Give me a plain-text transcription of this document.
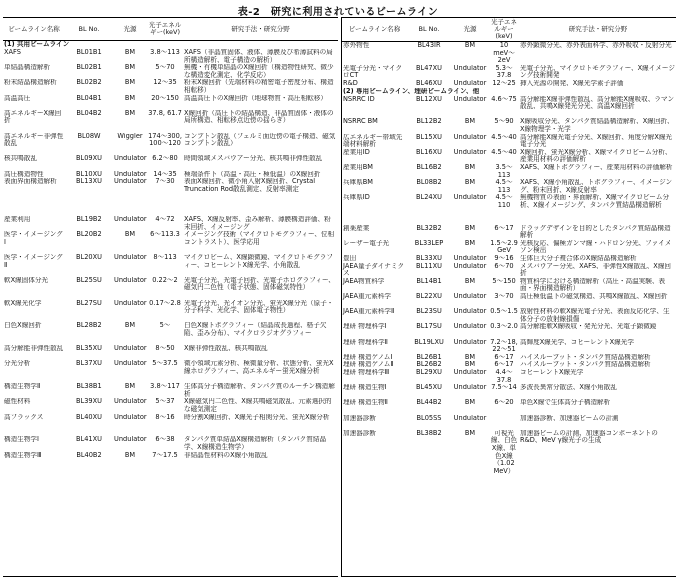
表-2　研究に利用されているビームライン
ビームライン名称	BL No.	光源	光子エネルギー(keV)	研究手法・研究分野
(1) 共用ビームライン				
XAFS	BL01B1	BM	3.8〜113	XAFS（非晶質固体、液体、薄膜及び希薄試料の局所構造解析、電子構造の解析）
単結晶構造解析	BL02B1	BM	5〜70	無機・有機単結晶のX線回折（構造物性研究、微少な構造変化測定、化学反応）
粉末結晶構造解析	BL02B2	BM	12〜35	粉末X線回折（先端材料の精密電子密度分布、構造相転移）
高温高圧	BL04B1	BM	20〜150	高温高圧下のX線回折（地球物質・高圧相転移）
高エネルギーX線回折	BL04B2	BM	37.8, 61.7	X線回折（高圧下の結晶構造、非晶質固体・液体の局所構造、相転移点近傍の揺らぎ）
高エネルギー非弾性散乱	BL08W	Wiggler	174〜300, 100〜120	コンプトン散乱（フェルミ面近傍の電子構造、磁気コンプトン散乱）
核共鳴散乱	BL09XU	Undulator	6.2〜80	時間領域メスバウアー分光、核共鳴非弾性散乱
高圧構造物性	BL10XU	Undulator	14〜35	極端条件下（高温・高圧・極低温）のX線回折
表面界面構造解析	BL13XU	Undulator	7〜30	表面X線回折、微小角入射X線回折、Crystal Truncation Rod散乱測定、反射率測定

産業利用	BL19B2	Undulator	4〜72	XAFS、X線反射率、歪み解析、薄膜構造評価、粉末回折、イメージング
医学・イメージングⅠ	BL20B2	BM	6〜113.3	イメージング技術（マイクロトモグラフィー、位相コントラスト）、医学応用
医学・イメージングⅡ	BL20XU	Undulator	8〜113	マイクロビーム、X線顕微鏡、マイクロトモグラフィー、コヒーレントX線光学、小角散乱
軟X線固体分光	BL25SU	Undulator	0.22〜2	光電子分光、光電子回折、光電子ホログラフィー、磁気円二色性（電子状態、固体磁気特性）
軟X線光化学	BL27SU	Undulator	0.17〜2.8	光電子分光、光イオン分光、蛍光X線分光（原子・分子科学、光化学、固体電子物性）
白色X線回折	BL28B2	BM	5〜	白色X線トポグラフィー（結晶成長過程、格子欠陥、歪み分布）、マイクロラジオグラフィー
高分解能非弾性散乱	BL35XU	Undulator	8〜50	X線非弾性散乱、核共鳴散乱
分光分析	BL37XU	Undulator	5〜37.5	微小領域元素分析、極微量分析、状態分析、蛍光X線ホログラフィー、高エネルギー蛍光X線分析
構造生物学Ⅱ	BL38B1	BM	3.8〜117	生体高分子構造解析、タンパク質のルーチン構造解析
磁性材料	BL39XU	Undulator	5〜37	X線磁気円二色性、X線共鳴磁気散乱、元素選択的な磁気測定
高フラックス	BL40XU	Undulator	8〜16	時分割X線回折、X線光子相関分光、蛍光X線分析
構造生物学Ⅰ	BL41XU	Undulator	6〜38	タンパク質単結晶X線構造解析（タンパク質結晶学、X線構造生物学）
構造生物学Ⅲ	BL40B2	BM	7〜17.5	非結晶性材料のX線小角散乱
ビームライン名称	BL No.	光源	光子エネルギー(keV)	研究手法・研究分野
赤外物性	BL43IR	BM	10 meV〜2eV	赤外顕微分光、赤外表面科学、赤外吸収・反射分光
光電子分光・マイクロCT	BL47XU	Undulator	5.3〜37.8	光電子分光、マイクロトモグラフィー、X線イメージング技術開発
R&D	BL46XU	Undulator	12〜25	挿入光源の開発、X線光学素子評価
(2) 専用ビームライン、理研ビームライン、他				
NSRRC ID	BL12XU	Undulator	4.6〜75	高分解能X線非弾性散乱、高分解能X線吸収、ラマン散乱、共鳴X線発光分光、高温X線回折
NSRRC BM	BL12B2	BM	5〜90	X線吸収分光、タンパク質結晶構造解析、X線回折、X線物理学・光学
広エネルギー帯域先端材料解析	BL15XU	Undulator	4.5〜40	高分解能X線光電子分光、X線回折、角度分解X線光電子分光
産業用ID	BL16XU	Undulator	4.5〜40	X線回折、蛍光X線分析、X線マイクロビーム分析、産業用材料の評価解析
産業用BM	BL16B2	BM	3.5〜113	XAFS、X線トポグラフィー、産業用材料の評価解析
兵庫県BM	BL08B2	BM	4.5〜113	XAFS、X線小角散乱、トポグラフィー、イメージング、粉末回折、X線反射率
兵庫県ID	BL24XU	Undulator	4.5〜110	無機物質の表面・界面解析、X線マイクロビーム分析、X線イメージング、タンパク質結晶構造解析
創薬産業	BL32B2	BM	6〜17	ドラッグデザインを目的としたタンパク質結晶構造解析
レーザー電子光	BL33LEP	BM	1.5〜2.9 GeV	光核反応、偏極ガンマ線・ハドロン分光、ファイメソン検出
豊田	BL33XU	Undulator	9〜16	生体巨大分子複合体のX線結晶構造解析
JAEA量子ダイナミクス	BL11XU	Undulator	6〜70	メスバウアー分光、XAFS、非弾性X線散乱、X線回折
JAEA物質科学	BL14B1	BM	5〜150	物質科学における構造解析（高圧・高温実験、表面・界面構造解析）
JAEA重元素科学	BL22XU	Undulator	3〜70	高圧極低温下の磁気構造、共鳴X線散乱、X線回折
JAEA重元素科学Ⅱ	BL23SU	Undulator	0.5〜1.5	放射性材料の軟X線光電子分光、表面反応化学、生体分子の放射線損傷
理研 物理科学Ⅰ	BL17SU	Undulator	0.3〜2.0	高分解能軟X線吸収・発光分光、光電子顕微鏡
理研 物理科学Ⅱ	BL19LXU	Undulator	7.2〜18, 22〜51	高輝度X線光学、コヒーレントX線光学
理研 構造ゲノムⅠ	BL26B1	BM	6〜17	ハイスループット・タンパク質結晶構造解析
理研 構造ゲノムⅡ	BL26B2	BM	6〜17	ハイスループット・タンパク質結晶構造解析
理研 物理科学Ⅲ	BL29XU	Undulator	4.4〜37.8	コヒーレントX線光学
理研 構造生物Ⅰ	BL45XU	Undulator	7.5〜14	多波長異常分散法、X線小角散乱
理研 構造生物Ⅱ	BL44B2	BM	6〜20	単色X線で生体高分子構造解析
加速器診断	BL05SS	Undulator		加速器診断、加速器ビームの計測
加速器診断	BL38B2	BM	可視光線、白色X線、単色X線（1.02 MeV）	加速器ビームの計測、加速器コンポーネントのR&D、MeV γ線光子の生成
